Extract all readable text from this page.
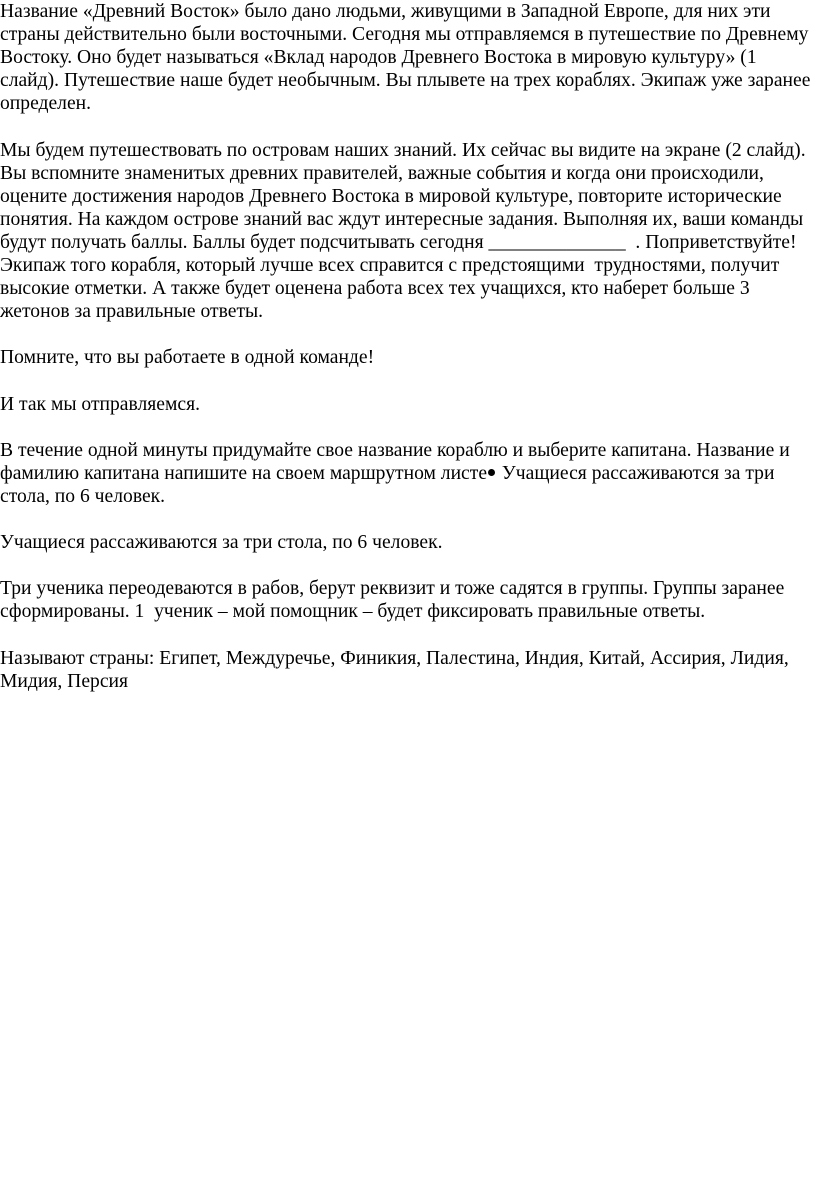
Название «Древний Восток» было дано людьми, живущими в Западной Европе, для них эти страны действительно были восточными. Сегодня мы отправляемся в путешествие по Древнему Востоку. Оно будет называться «Вклад народов Древнего Востока в мировую культуру» (1 слайд). Путешествие наше будет необычным. Вы плывете на трех кораблях. Экипаж уже заранее определен.

Мы будем путешествовать по островам наших знаний. Их сейчас вы видите на экране (2 слайд). Вы вспомните знаменитых древних правителей, важные события и когда они происходили, оцените достижения народов Древнего Востока в мировой культуре, повторите исторические понятия. На каждом острове знаний вас ждут интересные задания. Выполняя их, ваши команды будут получать баллы. Баллы будет подсчитывать сегодня ______________  . Поприветствуйте! Экипаж того корабля, который лучше всех справится с предстоящими  трудностями, получит высокие отметки. А также будет оценена работа всех тех учащихся, кто наберет больше 3 жетонов за правильные ответы.

Помните, что вы работаете в одной команде!

И так мы отправляемся.

В течение одной минуты придумайте свое название кораблю и выберите капитана. Название и фамилию капитана напишите на своем маршрутном листе Учащиеся рассаживаются за три стола, по 6 человек.

Учащиеся рассаживаются за три стола, по 6 человек.

Три ученика переодеваются в рабов, берут реквизит и тоже садятся в группы. Группы заранее сформированы. 1  ученик – мой помощник – будет фиксировать правильные ответы.

Называют страны: Египет, Междуречье, Финикия, Палестина, Индия, Китай, Ассирия, Лидия, Мидия, Персия
